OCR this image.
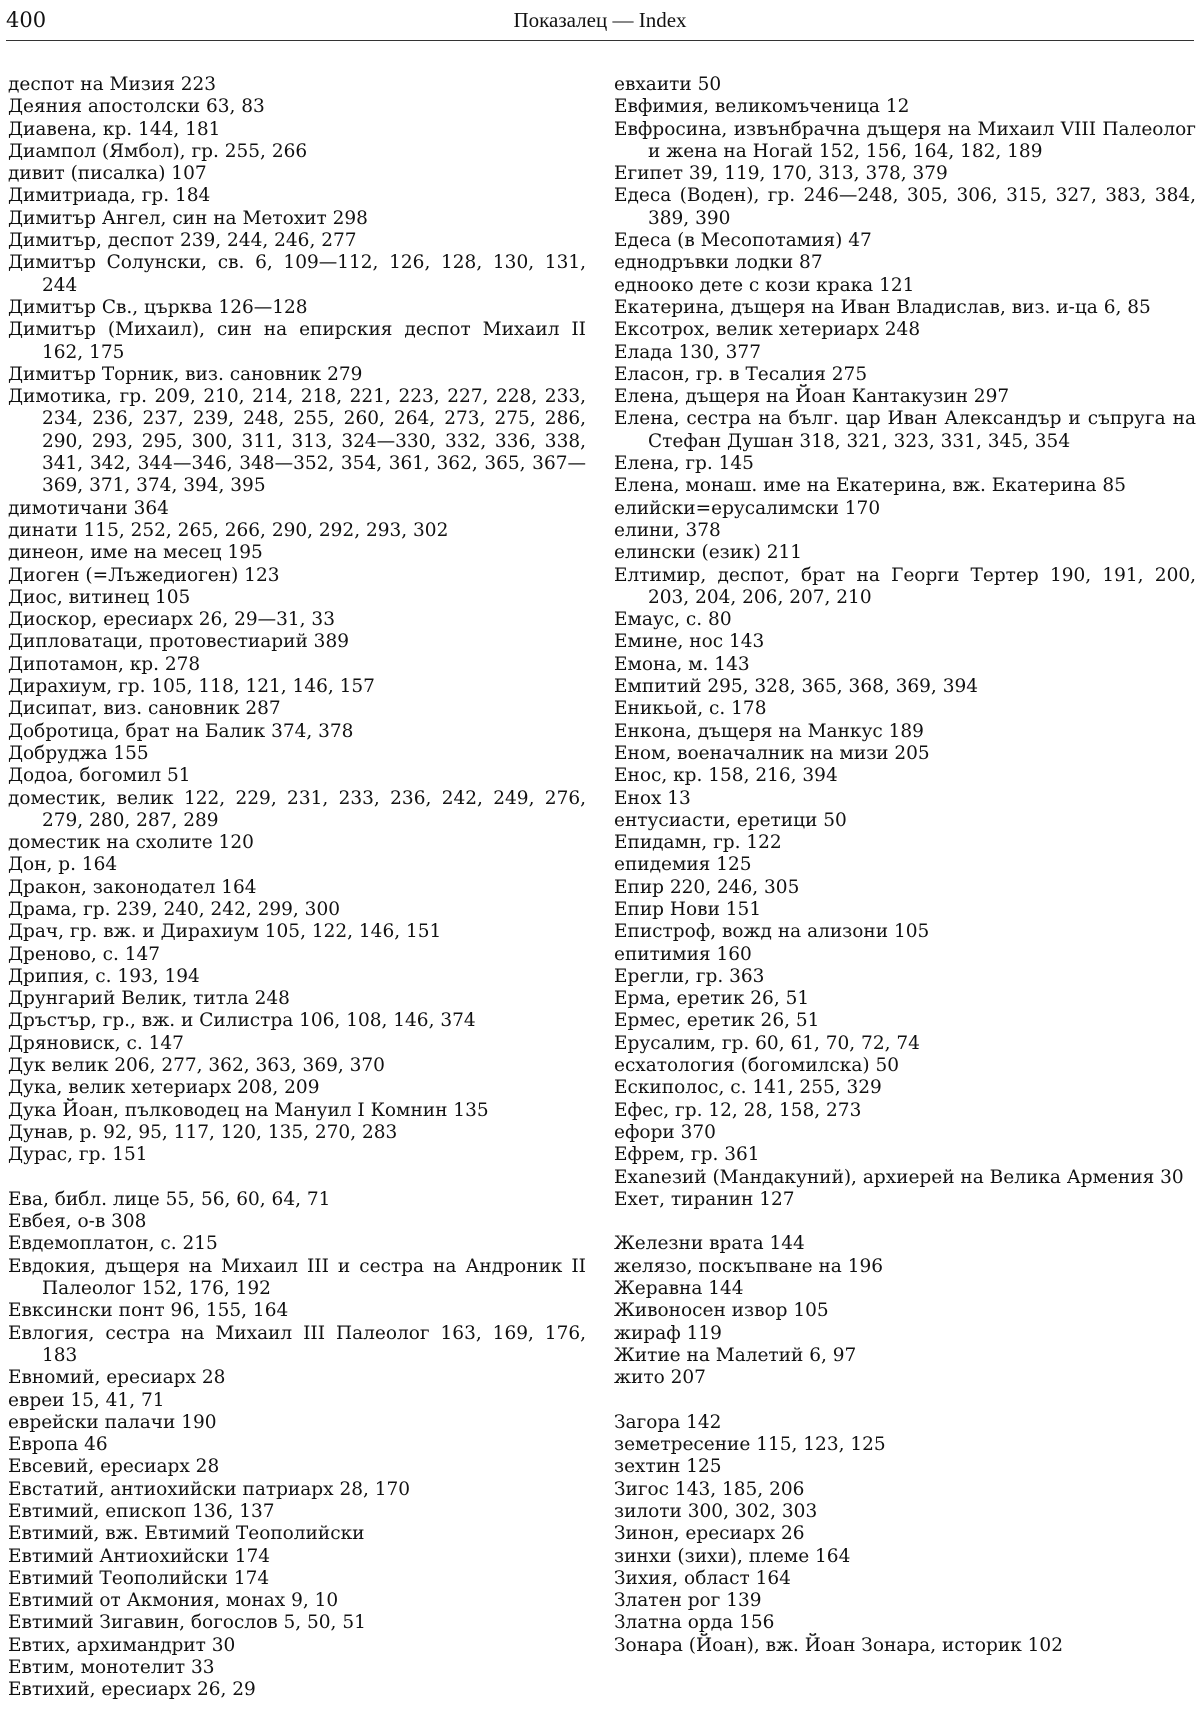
400	Показалец — Index
деспот на Мизия 223
Деяния апостолски 63, 83
Диавена, кр. 144, 181
Диампол (Ямбол), гр. 255, 266
дивит (писалка) 107
Димитриада, гр. 184
Димитър Ангел, син на Метохит 298
Димитър, деспот 239, 244, 246, 277
Димитър Солунски, св. 6, 109—112, 126, 128, 130, 131, 244
Димитър Св., църква 126—128
Димитър (Михаил), син на епирския деспот Михаил II 162, 175
Димитър Торник, виз. сановник 279
Димотика, гр. 209, 210, 214, 218, 221, 223, 227, 228, 233, 234, 236, 237, 239, 248, 255, 260, 264, 273, 275, 286, 290, 293, 295, 300, 311, 313, 324—330, 332, 336, 338, 341, 342, 344—346, 348—352, 354, 361, 362, 365, 367—369, 371, 374, 394, 395
димотичани 364
динати 115, 252, 265, 266, 290, 292, 293, 302
динеон, име на месец 195
Диоген (=Лъжедиоген) 123
Диос, витинец 105
Диоскор, ересиарх 26, 29—31, 33
Дипловатаци, протовестиарий 389
Дипотамон, кр. 278
Дирахиум, гр. 105, 118, 121, 146, 157
Дисипат, виз. сановник 287
Добротица, брат на Балик 374, 378
Добруджа 155
Додоа, богомил 51
доместик, велик 122, 229, 231, 233, 236, 242, 249, 276, 279, 280, 287, 289
доместик на схолите 120
Дон, р. 164
Дракон, законодател 164
Драма, гр. 239, 240, 242, 299, 300
Драч, гр. вж. и Дирахиум 105, 122, 146, 151
Дреново, с. 147
Дрипия, с. 193, 194
Друнгарий Велик, титла 248
Дръстър, гр., вж. и Силистра 106, 108, 146, 374
Дряновиск, с. 147
Дук велик 206, 277, 362, 363, 369, 370
Дука, велик хетериарх 208, 209
Дука Йоан, пълководец на Мануил I Комнин 135
Дунав, р. 92, 95, 117, 120, 135, 270, 283
Дурас, гр. 151
Ева, библ. лице 55, 56, 60, 64, 71
Евбея, о-в 308
Евдемоплатон, с. 215
Евдокия, дъщеря на Михаил III и сестра на Андроник II Палеолог 152, 176, 192
Евксински понт 96, 155, 164
Евлогия, сестра на Михаил III Палеолог 163, 169, 176, 183
Евномий, ересиарх 28
евреи 15, 41, 71
еврейски палачи 190
Европа 46
Евсевий, ересиарх 28
Евстатий, антиохийски патриарх 28, 170
Евтимий, епископ 136, 137
Евтимий, вж. Евтимий Теополийски
Евтимий Антиохийски 174
Евтимий Теополийски 174
Евтимий от Акмония, монах 9, 10
Евтимий Зигавин, богослов 5, 50, 51
Евтих, архимандрит 30
Евтим, монотелит 33
Евтихий, ересиарх 26, 29
евхаити 50
Евфимия, великомъченица 12
Евфросина, извънбрачна дъщеря на Михаил VIII Палеолог и жена на Ногай 152, 156, 164, 182, 189
Египет 39, 119, 170, 313, 378, 379
Едеса (Воден), гр. 246—248, 305, 306, 315, 327, 383, 384, 389, 390
Едеса (в Месопотамия) 47
еднодръвки лодки 87
едноoко дете с кози крака 121
Екатерина, дъщеря на Иван Владислав, виз. и-ца 6, 85
Ексотрох, велик хетериарх 248
Елада 130, 377
Еласон, гр. в Тесалия 275
Елена, дъщеря на Йоан Кантакузин 297
Елена, сестра на бълг. цар Иван Александър и съпруга на Стефан Душан 318, 321, 323, 331, 345, 354
Елена, гр. 145
Елена, монаш. име на Екатерина, вж. Екатерина 85
елийски=ерусалимски 170
елини, 378
елински (език) 211
Елтимир, деспот, брат на Георги Тертер 190, 191, 200, 203, 204, 206, 207, 210
Емаус, с. 80
Емине, нос 143
Емона, м. 143
Емпитий 295, 328, 365, 368, 369, 394
Еникьой, с. 178
Енкона, дъщеря на Манкус 189
Еном, военачалник на мизи 205
Енос, кр. 158, 216, 394
Енох 13
ентусиасти, еретици 50
Епидамн, гр. 122
епидемия 125
Епир 220, 246, 305
Епир Нови 151
Епистроф, вожд на ализони 105
епитимия 160
Ерегли, гр. 363
Ерма, еретик 26, 51
Ермес, еретик 26, 51
Ерусалим, гр. 60, 61, 70, 72, 74
есхатология (богомилска) 50
Ескиполос, с. 141, 255, 329
Ефес, гр. 12, 28, 158, 273
ефори 370
Ефрем, гр. 361
Ехаnезий (Мандакуний), архиерей на Велика Армения 30
Ехет, тиранин 127
Железни врата 144
желязо, поскъпване на 196
Жеравна 144
Живоносен извор 105
жираф 119
Житие на Малетий 6, 97
жито 207
Загора 142
земетресение 115, 123, 125
зехтин 125
Зигос 143, 185, 206
зилоти 300, 302, 303
Зинон, ересиарх 26
зинхи (зихи), племе 164
Зихия, област 164
Златен рог 139
Златна орда 156
Зонара (Йоан), вж. Йоан Зонара, историк 102
